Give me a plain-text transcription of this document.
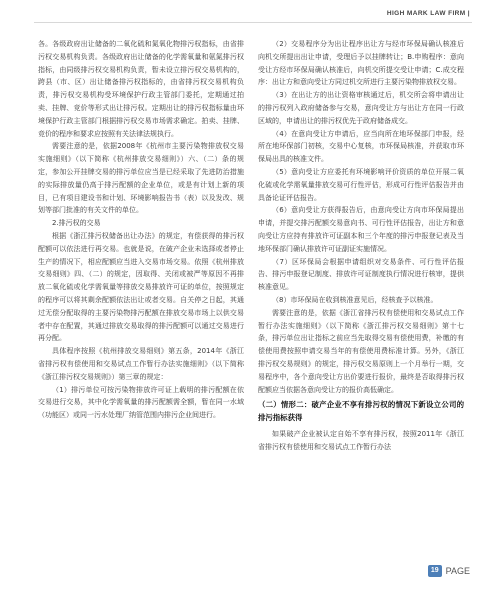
HIGH MARK LAW FIRM |

各。各级政府出让储备的二氧化硫和氮氧化物排污权指标，由省排污权交易机构负责。各级政府出让储备的化学需氧量和氨氮排污权指标，由同级排污权交易机构负责，暂未设立排污权交易机构的，跨县（市、区）出让储备排污权指标的，由省排污权交易机构负责，排污权交易机构受环境保护行政主管部门委托，定期通过拍卖、挂牌、竞价等形式出让排污权。定期出让的排污权指标量由环境保护行政主管部门根据排污权交易市场需求确定。拍卖、挂牌、竞价的程序和要求应按照有关法律法规执行。

需要注意的是，依据2008年《杭州市主要污染物排放权交易实施细则》（以下简称《杭州排放交易细则》）六、（二）条的规定，参加公开挂牌交易的排污单位应当是已经采取了先进防治措施的实际排放量仍高于排污配额的企业单位，或是有计划上新的项目，已有项目建设书和计划、环境影响报告书（表）以及发改、规划等部门批准的有关文件的单位。

2.排污权的交易

根据《浙江排污权储备出让办法》的规定，有偿获得的排污权配额可以依法进行再交易。也就是说，在破产企业未选择或者停止生产的情况下，相应配额应当进入交易市场交易。依照《杭州排放交易细则》四、（二）的规定，因取得、关闭或被严等原因不再排放二氧化硫或化学需氧量等排放交易排放许可证的单位，按照规定的程序可以将其剩余配额依法出让或者交易。自关停之日起，其通过无偿分配取得的主要污染物排污配额在排放交易市场上以供交易者中存在配置，其通过排放交易取得的排污配额可以通过交易进行再分配。

具体程序按照《杭州排放交易细则》第五条，2014年《浙江省排污权有偿使用和交易试点工作暂行办法实施细则》（以下简称《浙江排污权交易规则》）第三章的规定：

（1）排污单位可按污染物排放许可证上载明的排污配额在依交易进行交易，其中化学需氧量的排污配额需全额，暂在同一水域（功能区）或同一污水处理厂纳管范围内排污企业间进行。

（2）交易程序分为出让程序出让方与经市环保局确认核准后向机交所提出出让申请，受理后予以挂牌转让；B.申购程序：意向受让方经市环保局确认核准后，向机交所提交受让申请；C.成交程序：出让方和意向受让方同过机交所进行主要污染物排放权交易。

（3）在出让方的出让资格审核通过后，机交所会将申请出让的排污权列入政府储备参与交易，意向受让方与出让方在同一行政区域的，申请出让的排污权优先于政府储备成交。

（4）在意向受让方申请后，应当向所在地环保部门申报，经所在地环保部门初核，交易中心复核，市环保局核准，并获取市环保局出具的核准文件。

（5）意向受让方应委托有环境影响评价资质的单位开展二氧化硫或化学需氧量排放交易可行性评估，形成可行性评估报告并由具备论证评估报告。

（6）意向受让方获得报告后，由意向受让方向市环保局提出申请，并提交排污配额交易意向书、可行性评估报告，出让方和意向受让方应持有排放许可证副本和三个年度的排污申报登记表及当地环保部门确认排放许可证副证实施情况。

（7）区环保局会根据申请组织对交易条件、可行性评估报告、排污申报登记制度、排放许可证制度执行情况进行核审，提供核准意见。

（8）市环保局在收到核准意见后，经核查予以核准。

需要注意的是，依据《浙江省排污权有偿使用和交易试点工作暂行办法实施细则》（以下简称《浙江排污权交易细则》第十七条，排污单位出让指标之前应当先取得交易有偿使用费，补缴的有偿使用费按照申请交易当年的有偿使用费标准计算。另外，《浙江排污权交易规则》的规定，排污权交易原则上一个月举行一期，交易程序中，各个意向受让方出价要进行报价，最终是否取得排污权配额应当依据各意向受让方的报价高低确定。

（二）情形二：破产企业不享有排污权的情况下新设立公司的排污指标获得

如果破产企业被认定自始不享有排污权，按照2011年《浙江省排污权有偿使用和交易试点工作暂行办法

19 PAGE
